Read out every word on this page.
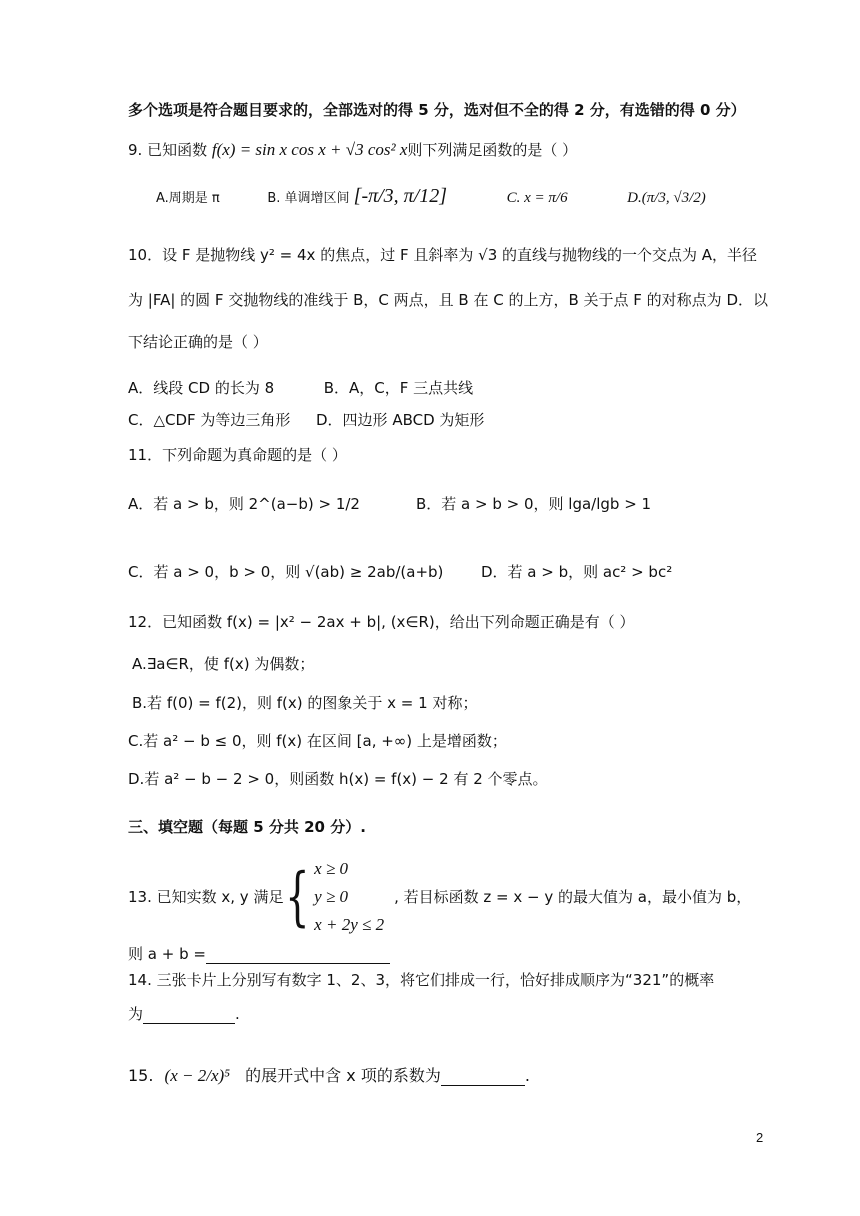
多个选项是符合题目要求的，全部选对的得 5 分，选对但不全的得 2 分，有选错的得 0 分）
9. 已知函数 f(x) = sin x cos x + √3 cos² x则下列满足函数的是（ ）
A.周期是 π	B. 单调增区间 [-π/3, π/12]	C. x = π/6	D.(π/3, √3/2)
10．设 F 是抛物线 y² = 4x 的焦点，过 F 且斜率为 √3 的直线与抛物线的一个交点为 A，半径
为 |FA| 的圆 F 交抛物线的准线于 B，C 两点，且 B 在 C 的上方，B 关于点 F 的对称点为 D．以
下结论正确的是（ ）
A．线段 CD 的长为 8	B．A，C，F 三点共线
C．△CDF 为等边三角形 D．四边形 ABCD 为矩形
11．下列命题为真命题的是（ ）
A．若 a > b，则 2^(a−b) > 1/2	B．若 a > b > 0，则 lga/lgb > 1
C．若 a > 0，b > 0，则 √(ab) ≥ 2ab/(a+b)	D．若 a > b，则 ac² > bc²
12．已知函数 f(x) = |x² − 2ax + b|, (x∈R)，给出下列命题正确是有（ ）
A.∃a∈R，使 f(x) 为偶数；
B.若 f(0) = f(2)，则 f(x) 的图象关于 x = 1 对称；
C.若 a² − b ≤ 0，则 f(x) 在区间 [a, +∞) 上是增函数；
D.若 a² − b − 2 > 0，则函数 h(x) = f(x) − 2 有 2 个零点。
三、填空题（每题 5 分共 20 分）.
13. 已知实数 x, y 满足 { x ≥ 0
y ≥ 0
x + 2y ≤ 2
, 若目标函数 z = x − y 的最大值为 a，最小值为 b，
则 a + b =
14. 三张卡片上分别写有数字 1、2、3，将它们排成一行，恰好排成顺序为“321”的概率
为	.
15. (x − 2/x)⁵ 的展开式中含 x 项的系数为	.
2
